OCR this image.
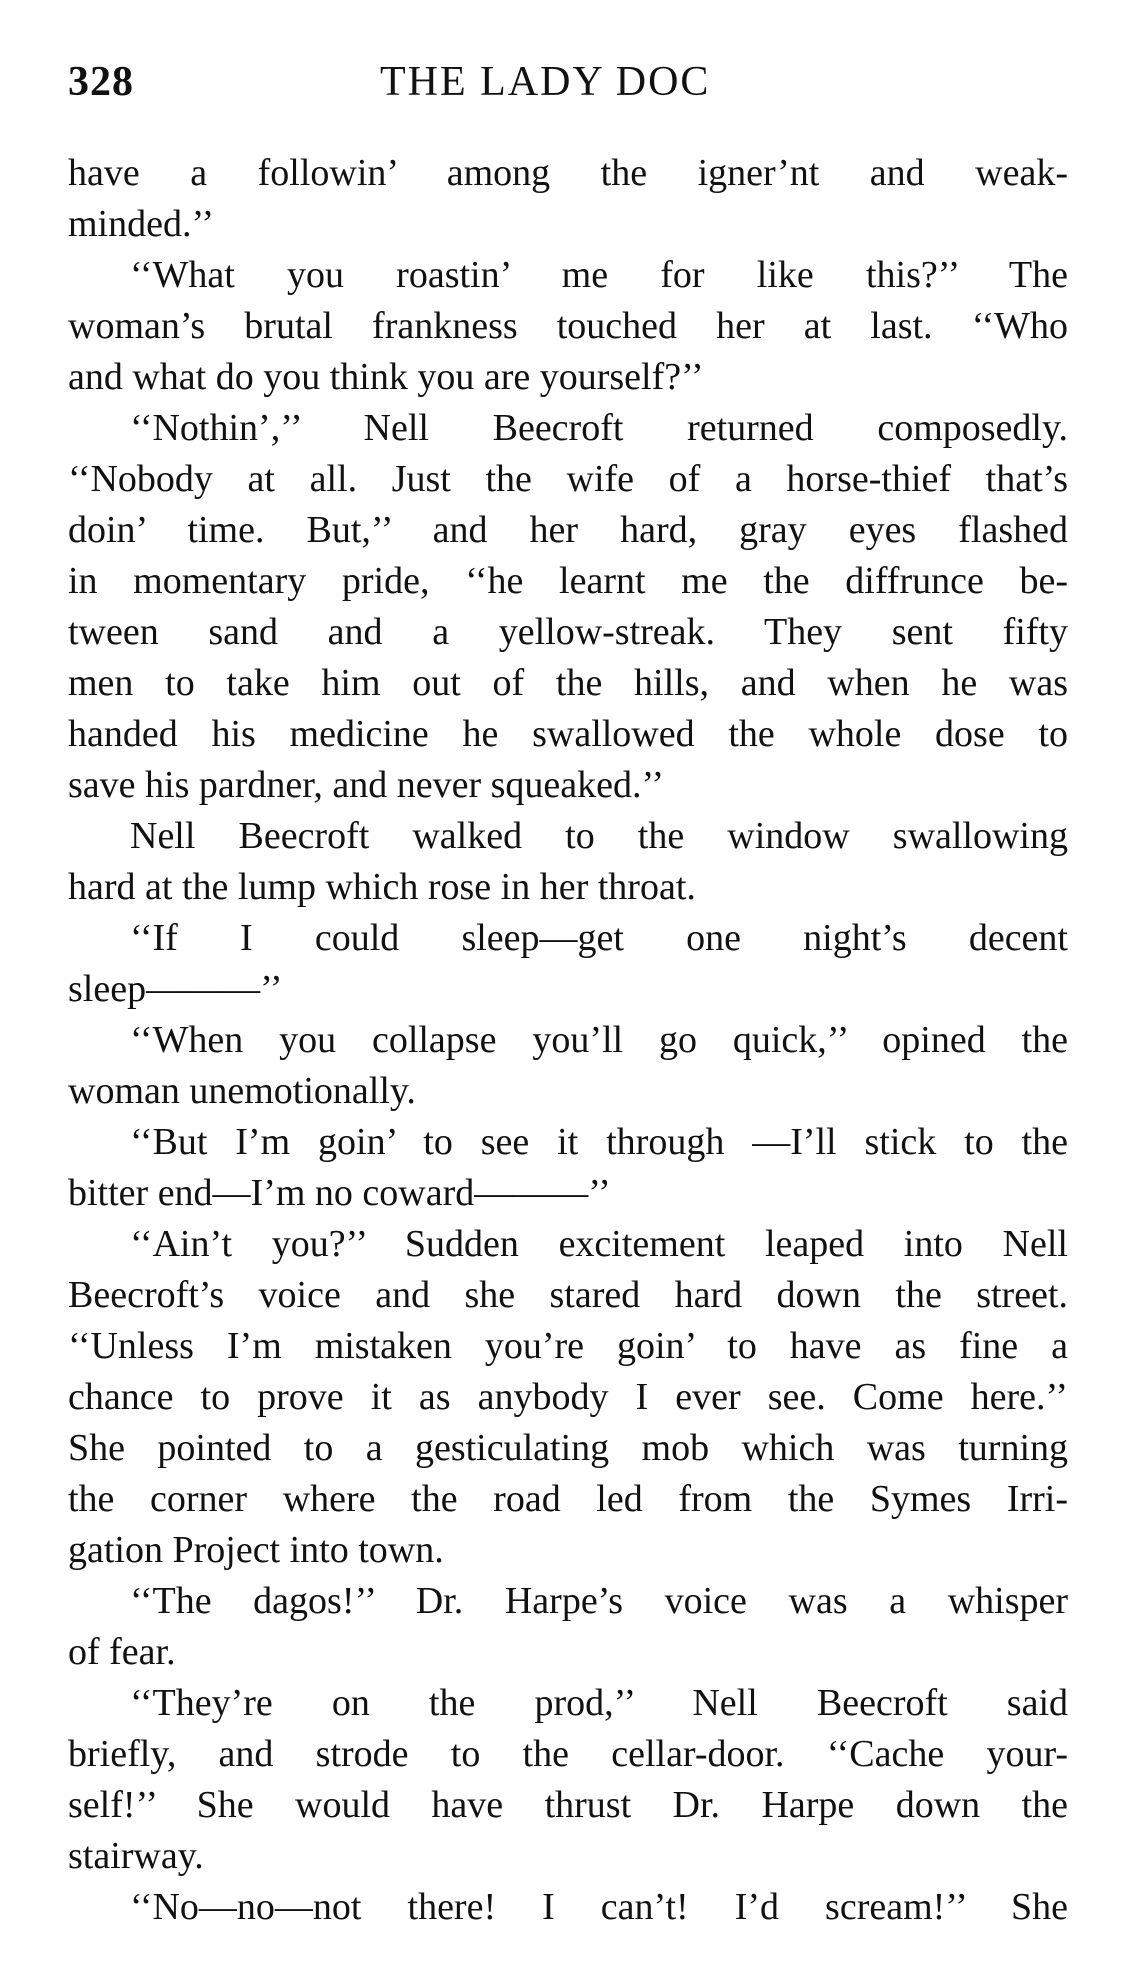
328	THE LADY DOC
have a followin’ among the igner’nt and weak-
minded.’’
‘‘What you roastin’ me for like this?’’ The
woman’s brutal frankness touched her at last. ‘‘Who
and what do you think you are yourself?’’
‘‘Nothin’,’’ Nell Beecroft returned composedly.
‘‘Nobody at all. Just the wife of a horse-thief that’s
doin’ time. But,’’ and her hard, gray eyes flashed
in momentary pride, ‘‘he learnt me the diffrunce be-
tween sand and a yellow-streak. They sent fifty
men to take him out of the hills, and when he was
handed his medicine he swallowed the whole dose to
save his pardner, and never squeaked.’’
Nell Beecroft walked to the window swallowing
hard at the lump which rose in her throat.
‘‘If I could sleep—get one night’s decent
sleep———’’
‘‘When you collapse you’ll go quick,’’ opined the
woman unemotionally.
‘‘But I’m goin’ to see it through —I’ll stick to the
bitter end—I’m no coward———’’
‘‘Ain’t you?’’ Sudden excitement leaped into Nell
Beecroft’s voice and she stared hard down the street.
‘‘Unless I’m mistaken you’re goin’ to have as fine a
chance to prove it as anybody I ever see. Come here.’’
She pointed to a gesticulating mob which was turning
the corner where the road led from the Symes Irri-
gation Project into town.
‘‘The dagos!’’ Dr. Harpe’s voice was a whisper
of fear.
‘‘They’re on the prod,’’ Nell Beecroft said
briefly, and strode to the cellar-door. ‘‘Cache your-
self!’’ She would have thrust Dr. Harpe down the
stairway.
‘‘No—no—not there! I can’t! I’d scream!’’ She
